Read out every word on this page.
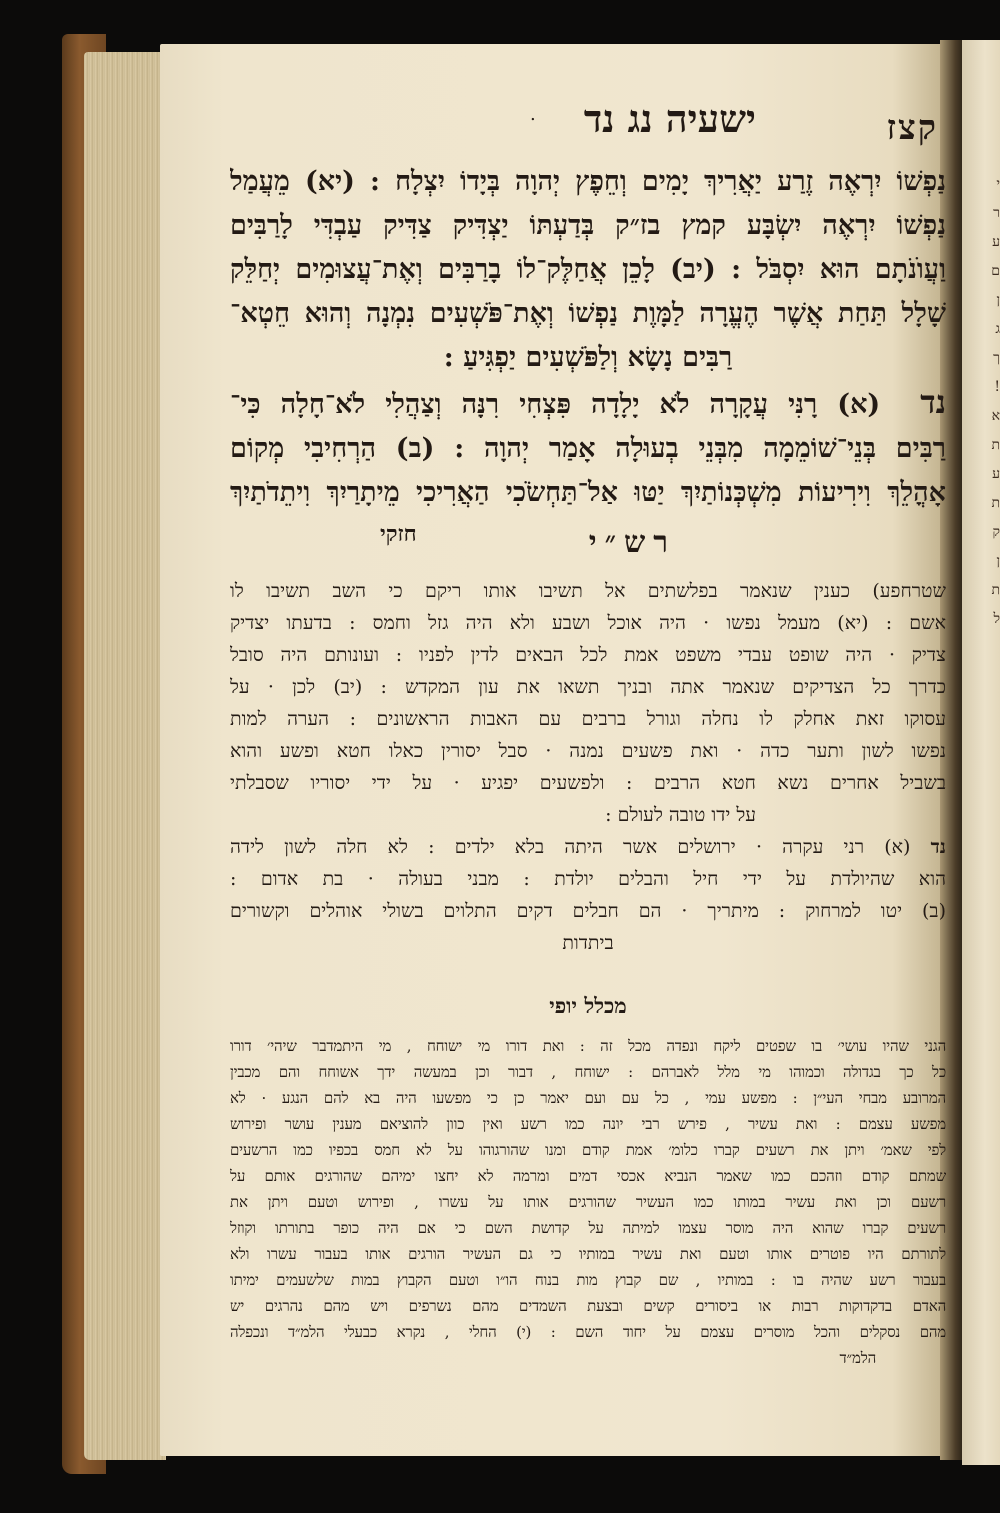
י
ר
ע
ם
ן
ג
ך
!
א
ת
ע
ת
ק
ן
ת
ל
קצז
ישעיה נג נד
.
נַפְשׁוֹ יִרְאֶה זֶרַע יַאֲרִיךְ יָמִים וְחֵפֶץ יְהוָה בְּיָדוֹ יִצְלָח : (יא) מֵעֲמַל
נַפְשׁוֹ יִרְאֶה יִשְׂבָּע קמץ בז״ק בְּדַעְתּוֹ יַצְדִּיק צַדִּיק עַבְדִּי לָרַבִּים
וַעֲוֺנֹתָם הוּא יִסְבֹּל : (יב) לָכֵן אֲחַלֶּק־לוֹ בָרַבִּים וְאֶת־עֲצוּמִים יְחַלֵּק
שָׁלָל תַּחַת אֲשֶׁר הֶעֱרָה לַמָּוֶת נַפְשׁוֹ וְאֶת־פֹּשְׁעִים נִמְנָה וְהוּא חֵטְא־
רַבִּים נָשָׂא וְלַפֹּשְׁעִים יַפְגִּיעַ :
נד(א) רָנִּי עֲקָרָה לֹא יָלָדָה פִּצְחִי רִנָּה וְצַהֲלִי לֹא־חָלָה כִּי־
רַבִּים בְּנֵי־שׁוֹמֵמָה מִבְּנֵי בְעוּלָה אָמַר יְהוָה : (ב) הַרְחִיבִי מְקוֹם
אָהֳלֵךְ וִירִיעוֹת מִשְׁכְּנוֹתַיִךְ יַטּוּ אַל־תַּחְשֹׂכִי הַאֲרִיכִי מֵיתָרַיִךְ וִיתֵדֹתַיִךְ
רש״י
חזקי
שטרחפע) כענין שנאמר בפלשתים אל תשיבו אותו ריקם כי השב תשיבו לו
אשם : (יא) מעמל נפשו · היה אוכל ושבע ולא היה גזל וחמס : בדעתו יצדיק
צדיק · היה שופט עבדי משפט אמת לכל הבאים לדין לפניו : ועונותם היה סובל
כדרך כל הצדיקים שנאמר אתה ובניך תשאו את עון המקדש : (יב) לכן · על
עסוקו זאת אחלק לו נחלה וגורל ברבים עם האבות הראשונים : הערה למות
נפשו לשון ותער כדה · ואת פשעים נמנה · סבל יסורין כאלו חטא ופשע והוא
בשביל אחרים נשא חטא הרבים : ולפשעים יפגיע · על ידי יסוריו שסבלתי
על ידו טובה לעולם :
נד (א) רני עקרה · ירושלים אשר היתה בלא ילדים : לא חלה לשון לידה
הוא שהיולדת על ידי חיל והבלים יולדת : מבני בעולה · בת אדום :
(ב) יטו למרחוק : מיתריך · הם חבלים דקים התלוים בשולי אוהלים וקשורים
ביתדות
מכלל יופי
הגני שהיו עושי׳ בו שפטים ליקח ונפדה מכל זה : ואת דורו מי ישוחח , מי היתמדבר שיהי׳ דורו
כל כך בגדולה וכמוהו מי מלל לאברהם : ישוחח , דבור וכן במעשה ידך אשוחח והם מכבין
המרובע מבחי העי״ן : מפשע עמי , כל עם ועם יאמר כן כי מפשעו היה בא להם הנגע · לא
מפשע עצמם : ואת עשיר , פירש רבי יונה כמו רשע ואין כוון להוציאם מענין עושר ופירוש
לפי שאמ׳ ויתן את רשעים קברו כלומ׳ אמת קודם ומנו שהורגוהו על לא חמס בכפיו כמו הרשעים
שמתם קודם וזהכם כמו שאמר הנביא אכסי דמים ומרמה לא יחצו ימיהם שהורגים אותם על
רשעם וכן ואת עשיר במותו כמו העשיר שהורגים אותו על עשרו , ופירוש וטעם ויתן את
רשעים קברו שהוא היה מוסר עצמו למיתה על קדושת השם כי אם היה כופר בתורתו וקוזל
לתורתם היו פוטרים אותו וטעם ואת עשיר במותיו כי גם העשיר הורגים אותו בעבור עשרו ולא
בעבור רשע שהיה בו : במותיו , שם קבוץ מות בנוח הו״ו וטעם הקבוץ במות שלשעמים ימיתו
האדם בדקדוקות רבות או ביסורים קשים ובצעת השמדים מהם נשרפים ויש מהם נהרגים יש
מהם נסקלים והכל מוסרים עצמם על יחוד השם : (י) החלי , נקרא כבעלי הלמ״ד ונכפלה
הלמ״ד
